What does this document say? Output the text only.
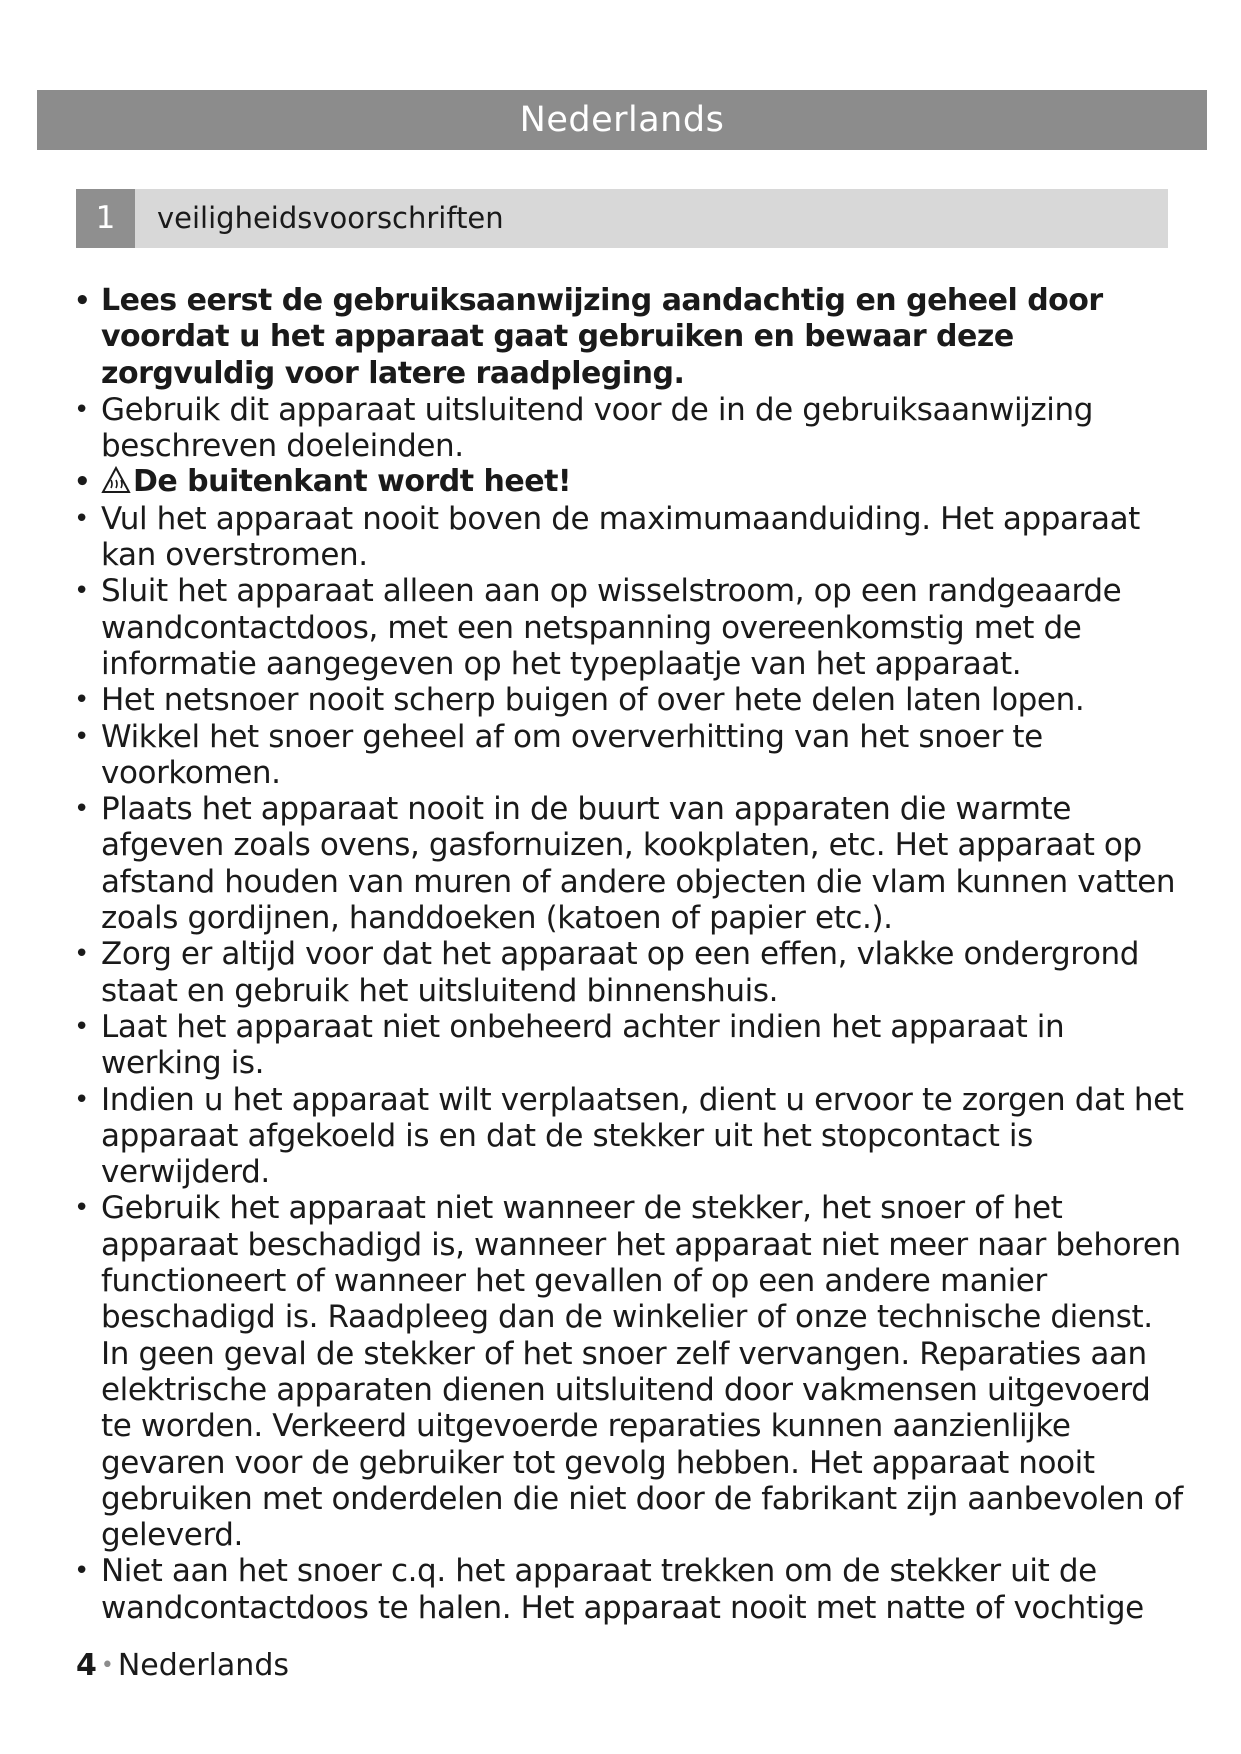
Nederlands
1	veiligheidsvoorschriften
• Lees eerst de gebruiksaanwijzing aandachtig en geheel door voordat u het apparaat gaat gebruiken en bewaar deze zorgvuldig voor latere raadpleging.
• Gebruik dit apparaat uitsluitend voor de in de gebruiksaanwijzing beschreven doeleinden.
• De buitenkant wordt heet!
• Vul het apparaat nooit boven de maximumaanduiding. Het apparaat kan overstromen.
• Sluit het apparaat alleen aan op wisselstroom, op een randgeaarde wandcontactdoos, met een netspanning overeenkomstig met de informatie aangegeven op het typeplaatje van het apparaat.
• Het netsnoer nooit scherp buigen of over hete delen laten lopen.
• Wikkel het snoer geheel af om oververhitting van het snoer te voorkomen.
• Plaats het apparaat nooit in de buurt van apparaten die warmte afgeven zoals ovens, gasfornuizen, kookplaten, etc. Het apparaat op afstand houden van muren of andere objecten die vlam kunnen vatten zoals gordijnen, handdoeken (katoen of papier etc.).
• Zorg er altijd voor dat het apparaat op een effen, vlakke ondergrond staat en gebruik het uitsluitend binnenshuis.
• Laat het apparaat niet onbeheerd achter indien het apparaat in werking is.
• Indien u het apparaat wilt verplaatsen, dient u ervoor te zorgen dat het apparaat afgekoeld is en dat de stekker uit het stopcontact is verwijderd.
• Gebruik het apparaat niet wanneer de stekker, het snoer of het apparaat beschadigd is, wanneer het apparaat niet meer naar behoren functioneert of wanneer het gevallen of op een andere manier beschadigd is. Raadpleeg dan de winkelier of onze technische dienst. In geen geval de stekker of het snoer zelf vervangen. Reparaties aan elektrische apparaten dienen uitsluitend door vakmensen uitgevoerd te worden. Verkeerd uitgevoerde reparaties kunnen aanzienlijke gevaren voor de gebruiker tot gevolg hebben. Het apparaat nooit gebruiken met onderdelen die niet door de fabrikant zijn aanbevolen of geleverd.
• Niet aan het snoer c.q. het apparaat trekken om de stekker uit de wandcontactdoos te halen. Het apparaat nooit met natte of vochtige
4 • Nederlands
